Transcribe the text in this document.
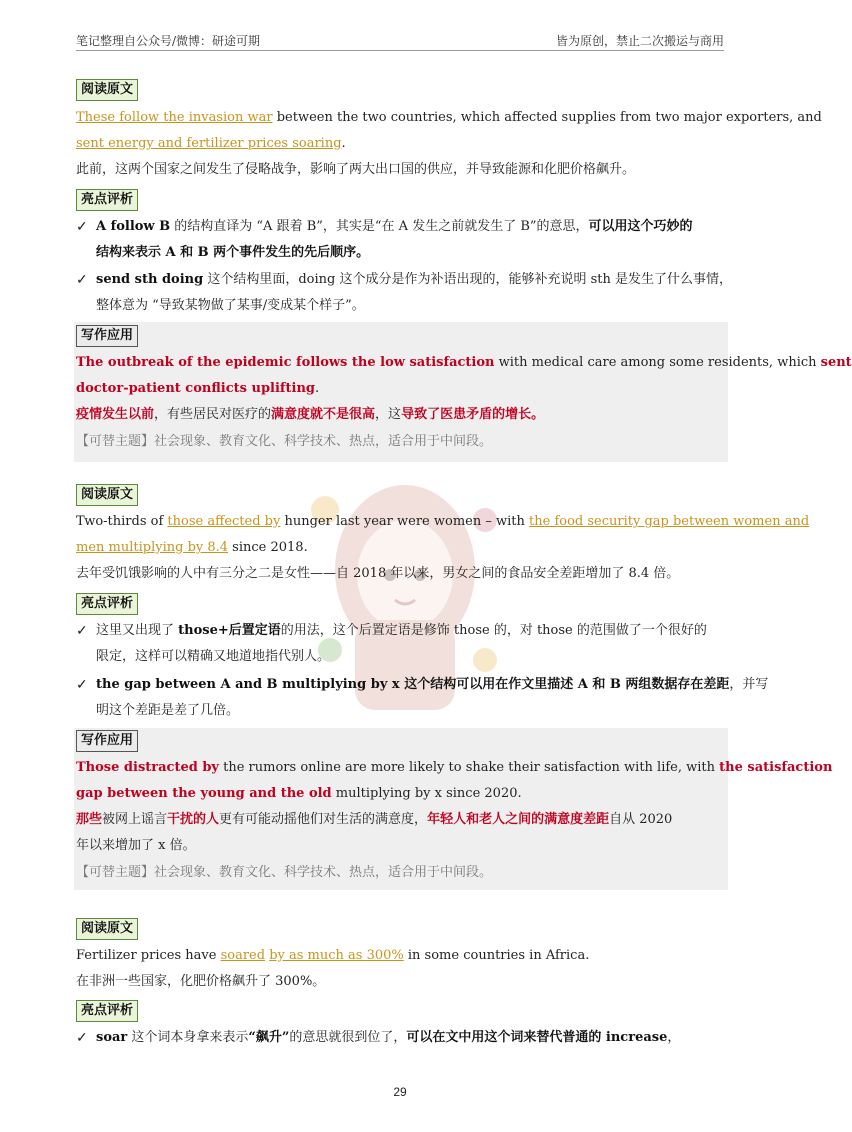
笔记整理自公众号/微博：研途可期	皆为原创，禁止二次搬运与商用
阅读原文
These follow the invasion war between the two countries, which affected supplies from two major exporters, and
sent energy and fertilizer prices soaring.
此前，这两个国家之间发生了侵略战争，影响了两大出口国的供应，并导致能源和化肥价格飙升。
亮点评析
✓ A follow B 的结构直译为 “A 跟着 B”，其实是“在 A 发生之前就发生了 B”的意思，可以用这个巧妙的
结构来表示 A 和 B 两个事件发生的先后顺序。
✓ send sth doing 这个结构里面，doing 这个成分是作为补语出现的，能够补充说明 sth 是发生了什么事情，
整体意为 “导致某物做了某事/变成某个样子”。
写作应用
The outbreak of the epidemic follows the low satisfaction with medical care among some residents, which sent
doctor-patient conflicts uplifting.
疫情发生以前，有些居民对医疗的满意度就不是很高，这导致了医患矛盾的增长。
【可替主题】社会现象、教育文化、科学技术、热点，适合用于中间段。
阅读原文
Two-thirds of those affected by hunger last year were women – with the food security gap between women and
men multiplying by 8.4 since 2018.
去年受饥饿影响的人中有三分之二是女性——自 2018 年以来，男女之间的食品安全差距增加了 8.4 倍。
亮点评析
✓ 这里又出现了 those+后置定语的用法，这个后置定语是修饰 those 的，对 those 的范围做了一个很好的
限定，这样可以精确又地道地指代别人。
✓ the gap between A and B multiplying by x 这个结构可以用在作文里描述 A 和 B 两组数据存在差距，并写
明这个差距是差了几倍。
写作应用
Those distracted by the rumors online are more likely to shake their satisfaction with life, with the satisfaction
gap between the young and the old multiplying by x since 2020.
那些被网上谣言干扰的人更有可能动摇他们对生活的满意度，年轻人和老人之间的满意度差距自从 2020
年以来增加了 x 倍。
【可替主题】社会现象、教育文化、科学技术、热点，适合用于中间段。
阅读原文
Fertilizer prices have soared by as much as 300% in some countries in Africa.
在非洲一些国家，化肥价格飙升了 300%。
亮点评析
✓ soar 这个词本身拿来表示“飙升”的意思就很到位了，可以在文中用这个词来替代普通的 increase，
29
